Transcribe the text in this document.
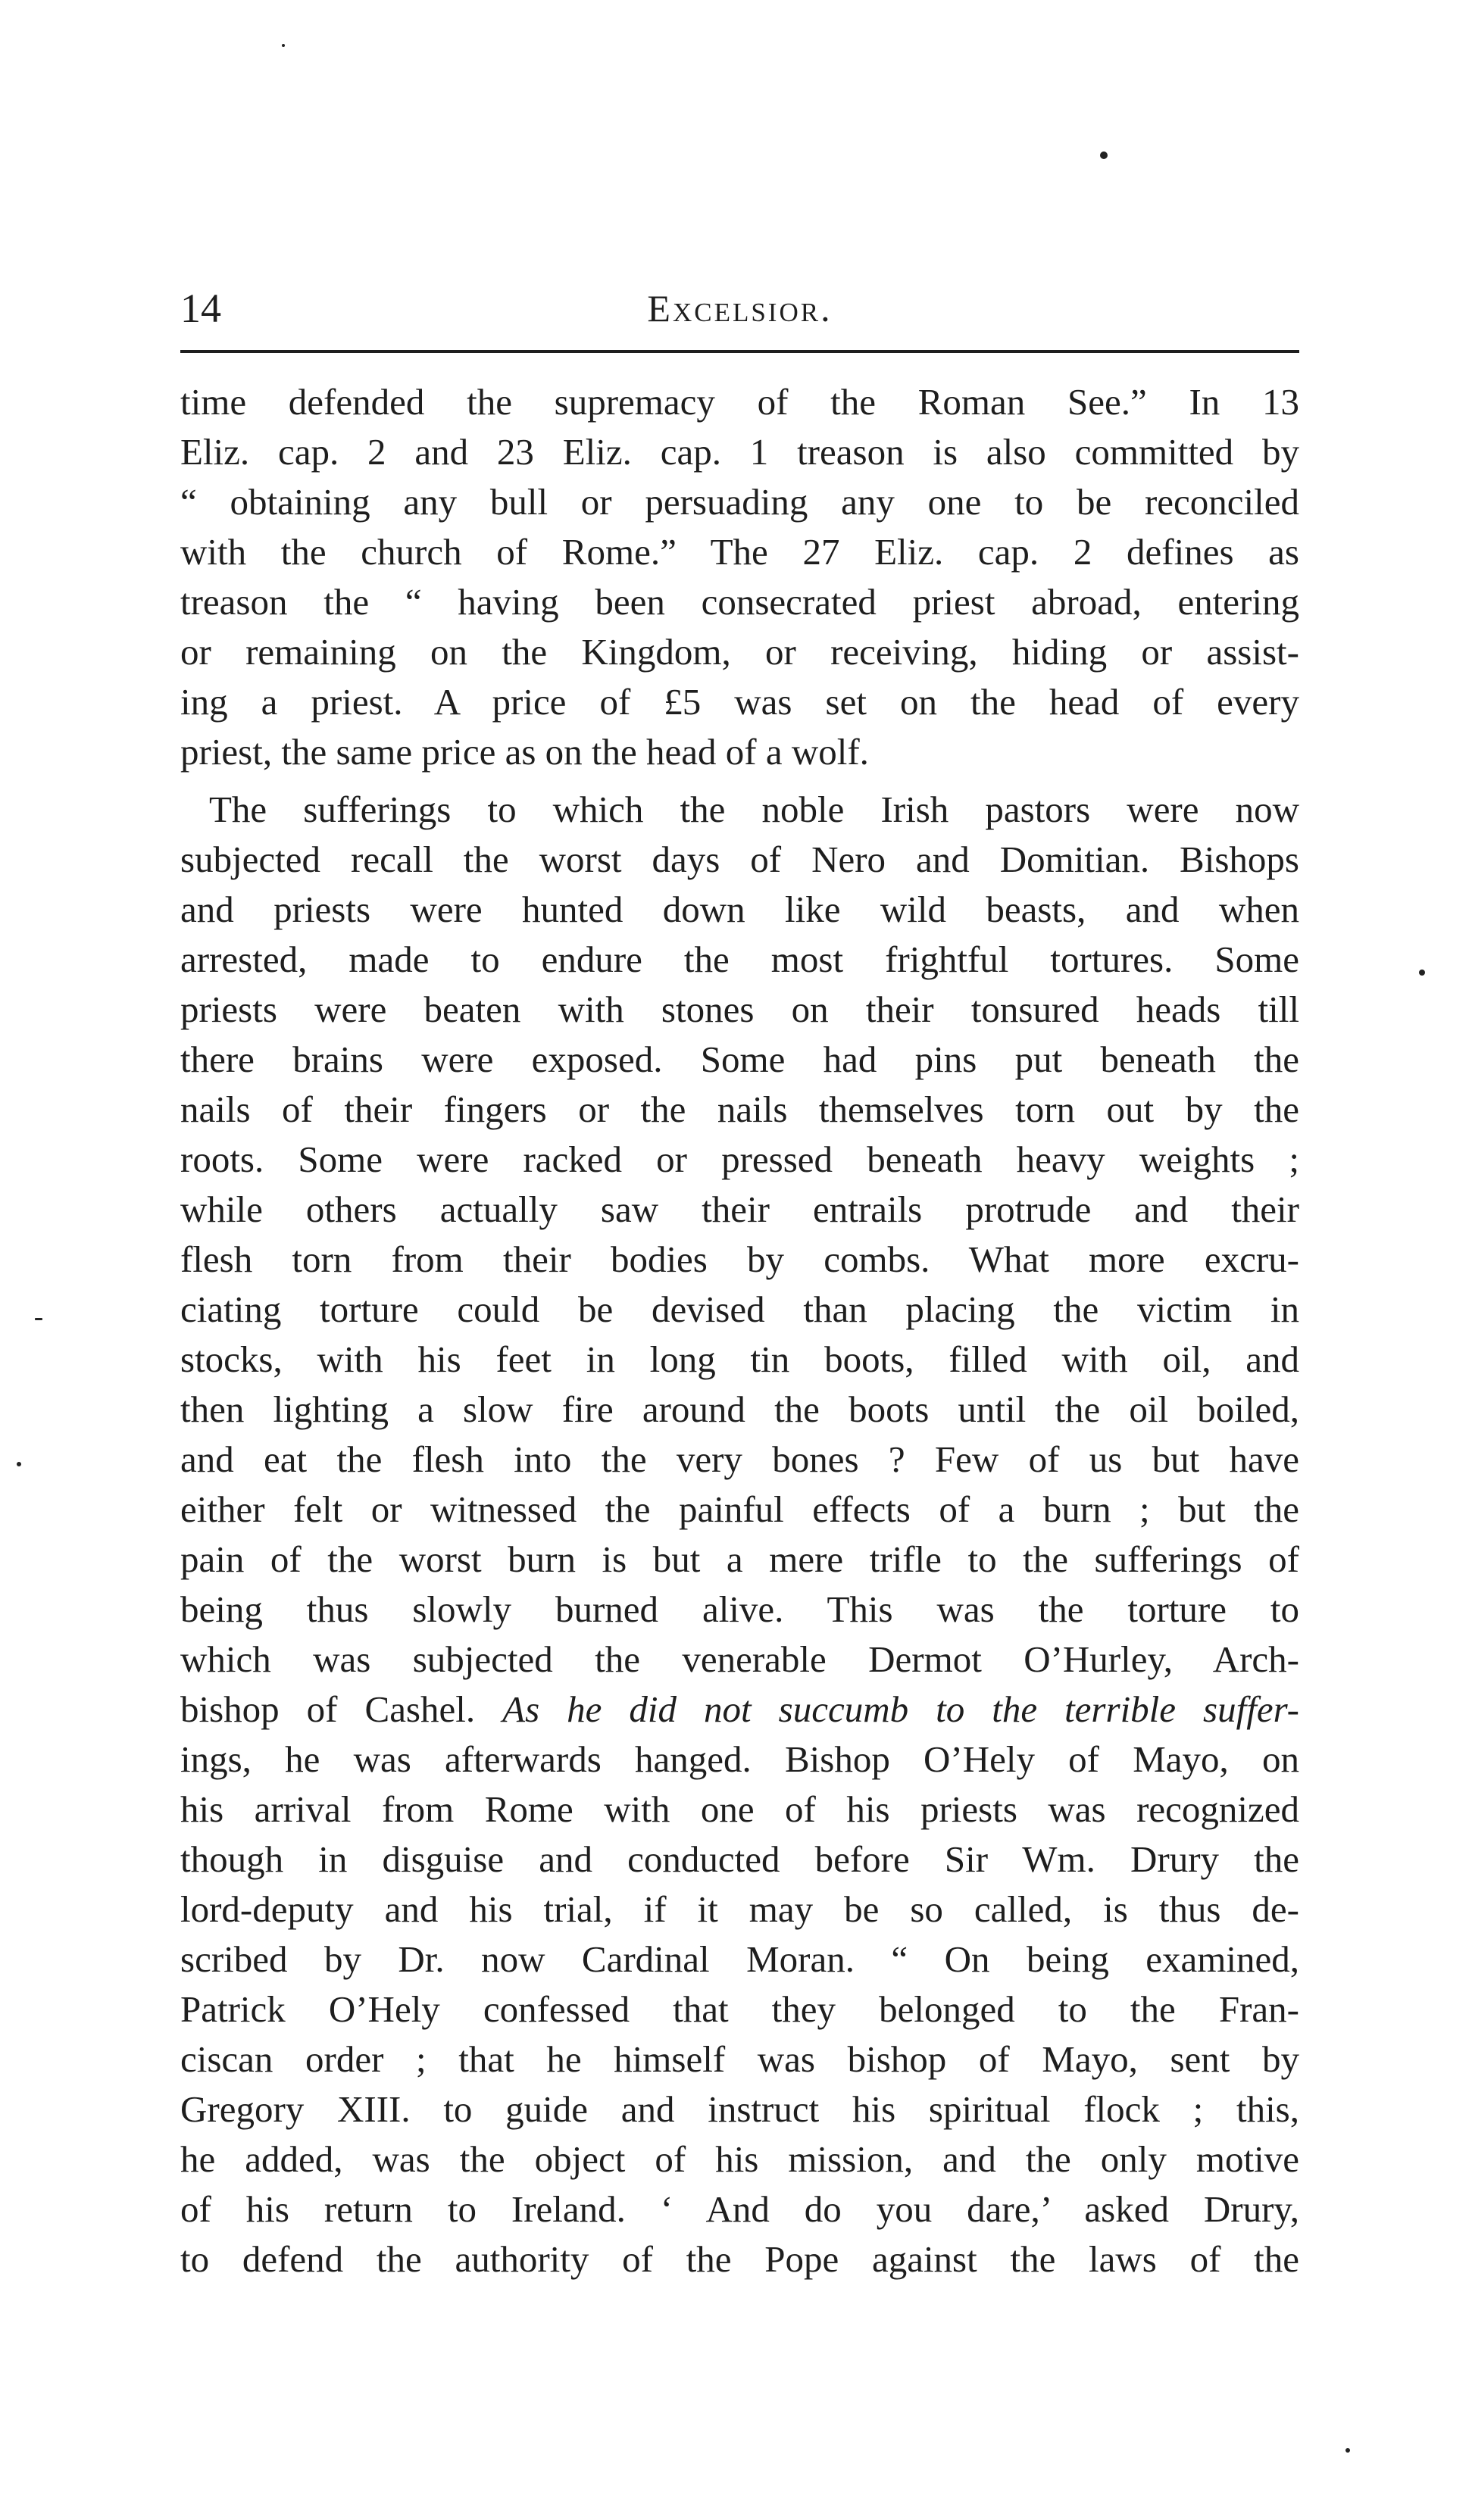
14	Excelsior.
time defended the supremacy of the Roman See.” In 13
Eliz. cap. 2 and 23 Eliz. cap. 1 treason is also committed by
“ obtaining any bull or persuading any one to be reconciled
with the church of Rome.” The 27 Eliz. cap. 2 defines as
treason the “ having been consecrated priest abroad, entering
or remaining on the Kingdom, or receiving, hiding or assist-
ing a priest. A price of £5 was set on the head of every
priest, the same price as on the head of a wolf.
The sufferings to which the noble Irish pastors were now
subjected recall the worst days of Nero and Domitian. Bishops
and priests were hunted down like wild beasts, and when
arrested, made to endure the most frightful tortures. Some
priests were beaten with stones on their tonsured heads till
there brains were exposed. Some had pins put beneath the
nails of their fingers or the nails themselves torn out by the
roots. Some were racked or pressed beneath heavy weights ;
while others actually saw their entrails protrude and their
flesh torn from their bodies by combs. What more excru-
ciating torture could be devised than placing the victim in
stocks, with his feet in long tin boots, filled with oil, and
then lighting a slow fire around the boots until the oil boiled,
and eat the flesh into the very bones ? Few of us but have
either felt or witnessed the painful effects of a burn ; but the
pain of the worst burn is but a mere trifle to the sufferings of
being thus slowly burned alive. This was the torture to
which was subjected the venerable Dermot O’Hurley, Arch-
bishop of Cashel. As he did not succumb to the terrible suffer-
ings, he was afterwards hanged. Bishop O’Hely of Mayo, on
his arrival from Rome with one of his priests was recognized
though in disguise and conducted before Sir Wm. Drury the
lord-deputy and his trial, if it may be so called, is thus de-
scribed by Dr. now Cardinal Moran. “ On being examined,
Patrick O’Hely confessed that they belonged to the Fran-
ciscan order ; that he himself was bishop of Mayo, sent by
Gregory XIII. to guide and instruct his spiritual flock ; this,
he added, was the object of his mission, and the only motive
of his return to Ireland. ‘ And do you dare,’ asked Drury,
to defend the authority of the Pope against the laws of the
